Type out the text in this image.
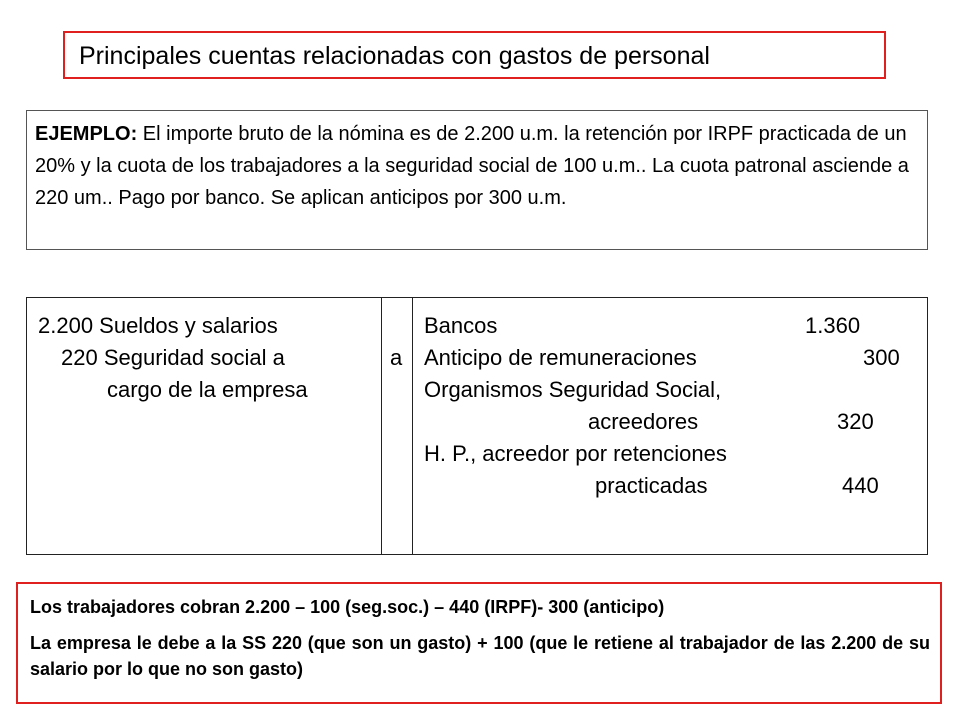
Principales cuentas relacionadas con gastos de personal
EJEMPLO: El importe bruto de la nómina es de 2.200 u.m. la retención por IRPF practicada de un 20% y la cuota de los trabajadores a la seguridad social de 100 u.m.. La cuota patronal asciende a 220 um.. Pago por banco. Se aplican anticipos por 300 u.m.
2.200 Sueldos y salarios
220 Seguridad social a
cargo de la empresa
a
Bancos	1.360
Anticipo de remuneraciones	300
Organismos Seguridad Social,
acreedores	320
H. P., acreedor por retenciones
practicadas	440

Los trabajadores cobran 2.200 – 100 (seg.soc.) – 440 (IRPF)- 300 (anticipo)

La empresa le debe a la SS 220 (que son un gasto) + 100 (que le retiene al trabajador de las 2.200 de su salario por lo que no son gasto)
